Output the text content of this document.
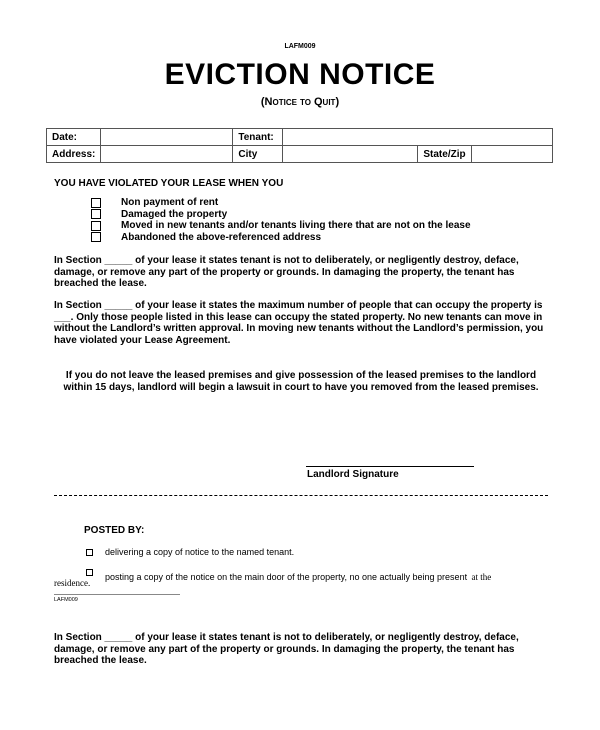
LAFM009
EVICTION NOTICE
(Notice to Quit)
Date:		Tenant:			
Address:		City		State/Zip	
YOU HAVE VIOLATED YOUR LEASE WHEN YOU
Non payment of rent
Damaged the property
Moved in new tenants and/or tenants living there that are not on the lease
Abandoned the above-referenced address
In Section _____ of your lease it states tenant is not to deliberately, or negligently destroy, deface, damage, or remove any part of the property or grounds. In damaging the property, the tenant has breached the lease.
In Section _____ of your lease it states the maximum number of people that can occupy the property is ___. Only those people listed in this lease can occupy the stated property. No new tenants can move in without the Landlord’s written approval. In moving new tenants without the Landlord’s permission, you have violated your Lease Agreement.
If you do not leave the leased premises and give possession of the leased premises to the landlord within 15 days, landlord will begin a lawsuit in court to have you removed from the leased premises.
Landlord Signature
POSTED BY:
delivering a copy of notice to the named tenant.
posting a copy of the notice on the main door of the property, no one actually being present at the
residence.
LAFM009
In Section _____ of your lease it states tenant is not to deliberately, or negligently destroy, deface, damage, or remove any part of the property or grounds. In damaging the property, the tenant has breached the lease.
